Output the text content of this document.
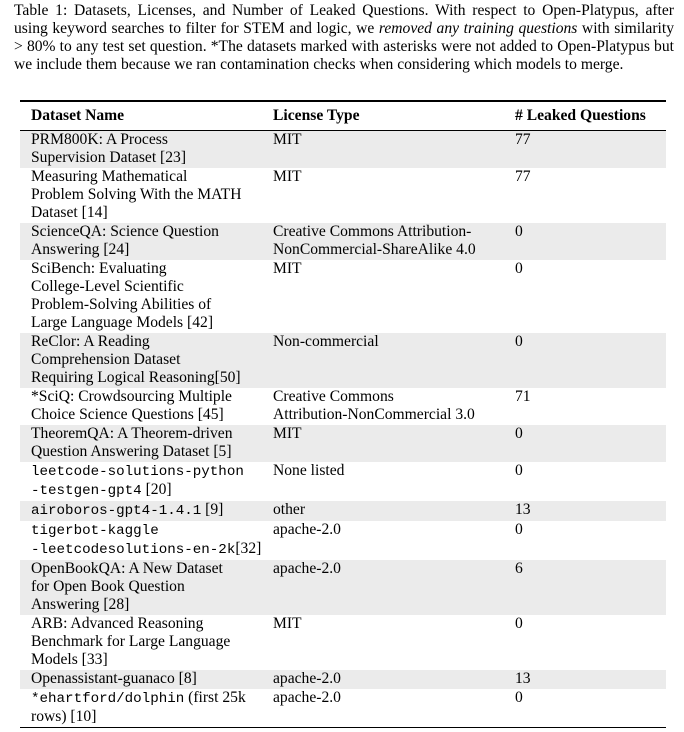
Table 1: Datasets, Licenses, and Number of Leaked Questions. With respect to Open-Platypus, after using keyword searches to filter for STEM and logic, we removed any training questions with similarity > 80% to any test set question. *The datasets marked with asterisks were not added to Open-Platypus but we include them because we ran contamination checks when considering which models to merge.
Dataset Name	License Type	# Leaked Questions

PRM800K: A Process
Supervision Dataset [23]	MIT	77

Measuring Mathematical
Problem Solving With the MATH
Dataset [14]	MIT	77

ScienceQA: Science Question
Answering [24]	Creative Commons Attribution-
NonCommercial-ShareAlike 4.0	0

SciBench: Evaluating
College-Level Scientific
Problem-Solving Abilities of
Large Language Models [42]	MIT	0

ReClor: A Reading
Comprehension Dataset
Requiring Logical Reasoning[50]	Non-commercial	0

*SciQ: Crowdsourcing Multiple
Choice Science Questions [45]	Creative Commons
Attribution-NonCommercial 3.0	71

TheoremQA: A Theorem-driven
Question Answering Dataset [5]	MIT	0

leetcode-solutions-python
-testgen-gpt4 [20]	None listed	0

airoboros-gpt4-1.4.1 [9]	other	13

tigerbot-kaggle
-leetcodesolutions-en-2k[32]	apache-2.0	0

OpenBookQA: A New Dataset
for Open Book Question
Answering [28]	apache-2.0	6

ARB: Advanced Reasoning
Benchmark for Large Language
Models [33]	MIT	0

Openassistant-guanaco [8]	apache-2.0	13

*ehartford/dolphin (first 25k
rows) [10]	apache-2.0	0
